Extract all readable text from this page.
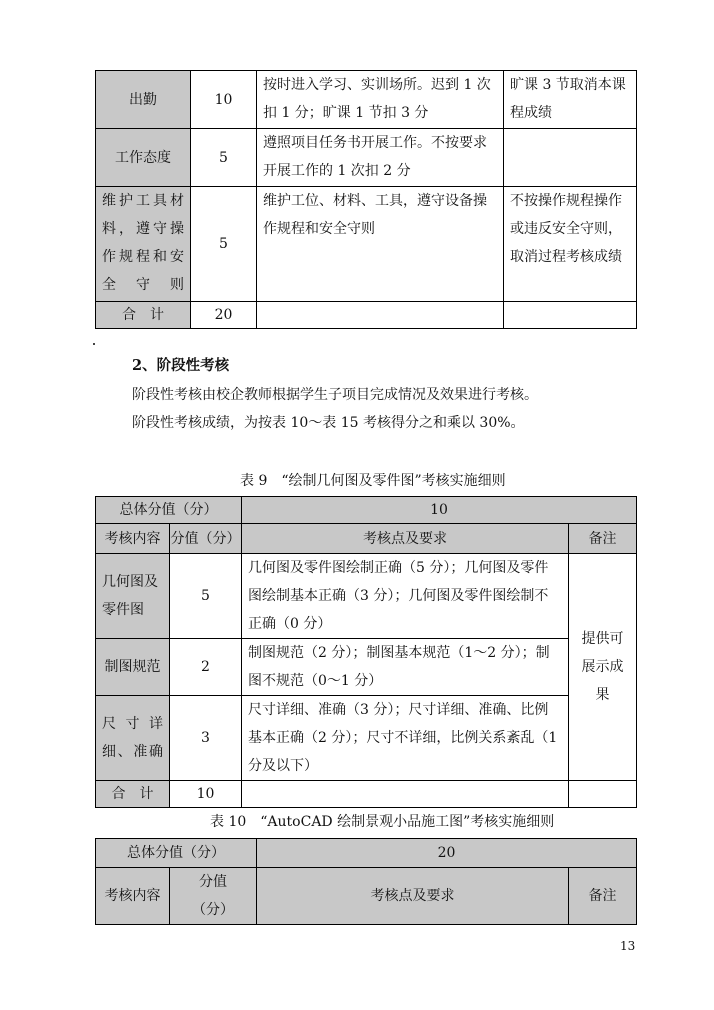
出勤	10	按时进入学习、实训场所。迟到 1 次扣 1 分；旷课 1 节扣 3 分	旷课 3 节取消本课程成绩
工作态度	5	遵照项目任务书开展工作。不按要求开展工作的 1 次扣 2 分	
维护工具材料，遵守操作规程和安全守则	5	维护工位、材料、工具，遵守设备操作规程和安全守则	不按操作规程操作或违反安全守则，取消过程考核成绩
合　计	20		
2、阶段性考核
阶段性考核由校企教师根据学生子项目完成情况及效果进行考核。
阶段性考核成绩，为按表 10～表 15 考核得分之和乘以 30%。
表 9　“绘制几何图及零件图”考核实施细则
总体分值（分）		10	
考核内容	分值（分）	考核点及要求	备注
几何图及零件图	5	几何图及零件图绘制正确（5 分）；几何图及零件图绘制基本正确（3 分）；几何图及零件图绘制不正确（0 分）	提供可展示成果
制图规范	2	制图规范（2 分）；制图基本规范（1～2 分）；制图不规范（0～1 分）	
尺寸详细、准确	3	尺寸详细、准确（3 分）；尺寸详细、准确、比例基本正确（2 分）；尺寸不详细，比例关系紊乱（1 分及以下）	
合　计	10		
表 10　“AutoCAD 绘制景观小品施工图”考核实施细则
总体分值（分）		20	
考核内容	分值（分）	考核点及要求	备注
13
